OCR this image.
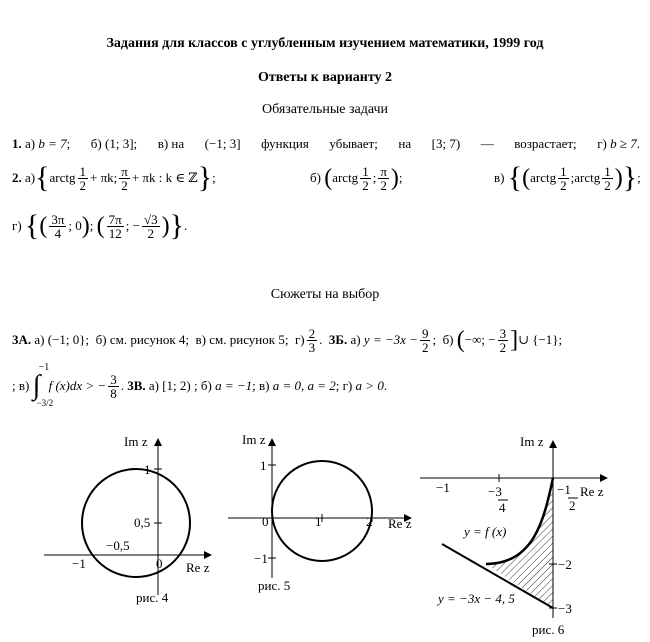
Задания для классов с углубленным изучением математики, 1999 год
Ответы к варианту 2
Обязательные задачи
1. а) b = 7; б) (1; 3]; в) на (−1; 3] функция убывает; на [3; 7) — возрастает; г) b ≥ 7.
2.
а) { arctg $\frac{1}{2} + \pi k$; $\frac{\pi}{2} + \pi k$ : k ∈ ℤ } ;	б)
( arctg $\frac{1}{2}$ ; $\frac{\pi}{2}$ ) ;	в)
{ ( arctg $\frac{1}{2}$ ; arctg $\frac{1}{2}$ ) } ;
г)
{ ( $\frac{3\pi}{4}$ ; 0 ) ; ( $\frac{7\pi}{12}$ ; − $\frac{√3}{2}$ ) } .
Сюжеты на выбор
3А.
а)
(−1; 0} ; б) см. рисунок 4;
в) см. рисунок 5;
$г) \frac{2}{3}$ . 3Б.
а)
$y = -3x - \frac{9}{2}$ ; б)
( −∞; − $\frac{3}{2}$ ] ∪ {−1} ;
; в)

−1
∫
−3/2
f (x)dx > − $\frac{3}{8}$ . 3В.
а) [1; 2) ; б)
a = −1 ; в)
a = 0 , a = 2 ; г)
a > 0 .
Im z
Re z
1
0,5
−0,5
−1	0
рис. 4
Im z
Re z
1
0	1	2
−1
рис. 5
Im z
Re z
−1	−3
4
−1
2
−2
−3
y = f (x)
y = −3x − 4, 5
рис. 6
